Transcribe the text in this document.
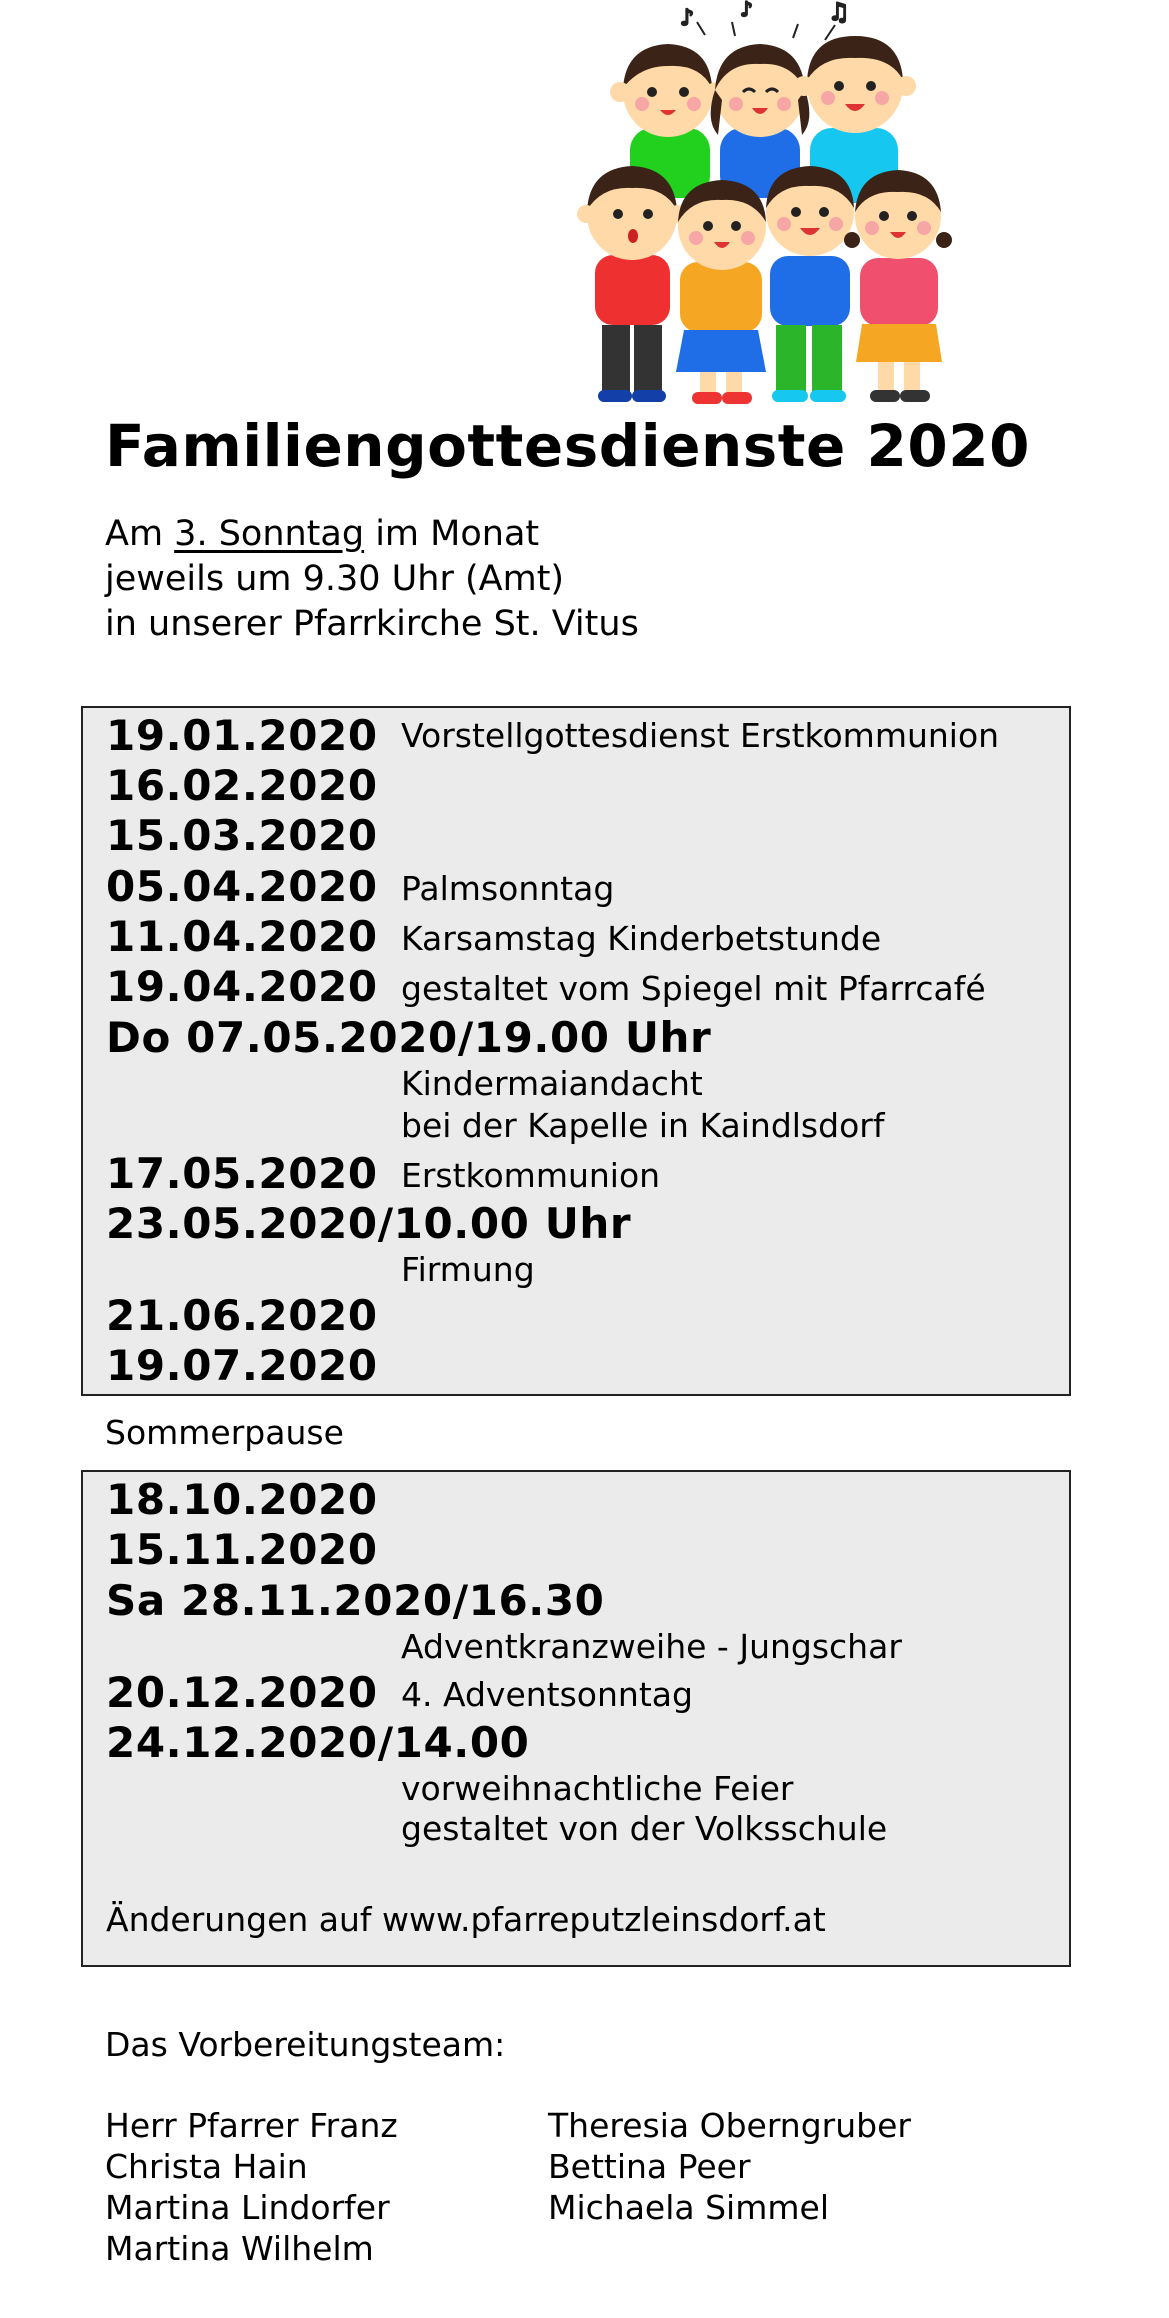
♪ ♪	♫
Familiengottesdienste 2020
Am 3. Sonntag im Monat
jeweils um 9.30 Uhr (Amt)
in unserer Pfarrkirche St. Vitus
19.01.2020 Vorstellgottesdienst Erstkommunion
16.02.2020
15.03.2020
05.04.2020 Palmsonntag
11.04.2020 Karsamstag Kinderbetstunde
19.04.2020 gestaltet vom Spiegel mit Pfarrcafé
Do 07.05.2020/19.00 Uhr
Kindermaiandacht
bei der Kapelle in Kaindlsdorf
17.05.2020 Erstkommunion
23.05.2020/10.00 Uhr
Firmung
21.06.2020
19.07.2020
Sommerpause
18.10.2020
15.11.2020
Sa 28.11.2020/16.30
Adventkranzweihe - Jungschar
20.12.2020 4. Adventsonntag
24.12.2020/14.00
vorweihnachtliche Feier
gestaltet von der Volksschule
Änderungen auf www.pfarreputzleinsdorf.at
Das Vorbereitungsteam:
Herr Pfarrer Franz
Christa Hain
Martina Lindorfer
Martina Wilhelm
Theresia Oberngruber
Bettina Peer
Michaela Simmel
